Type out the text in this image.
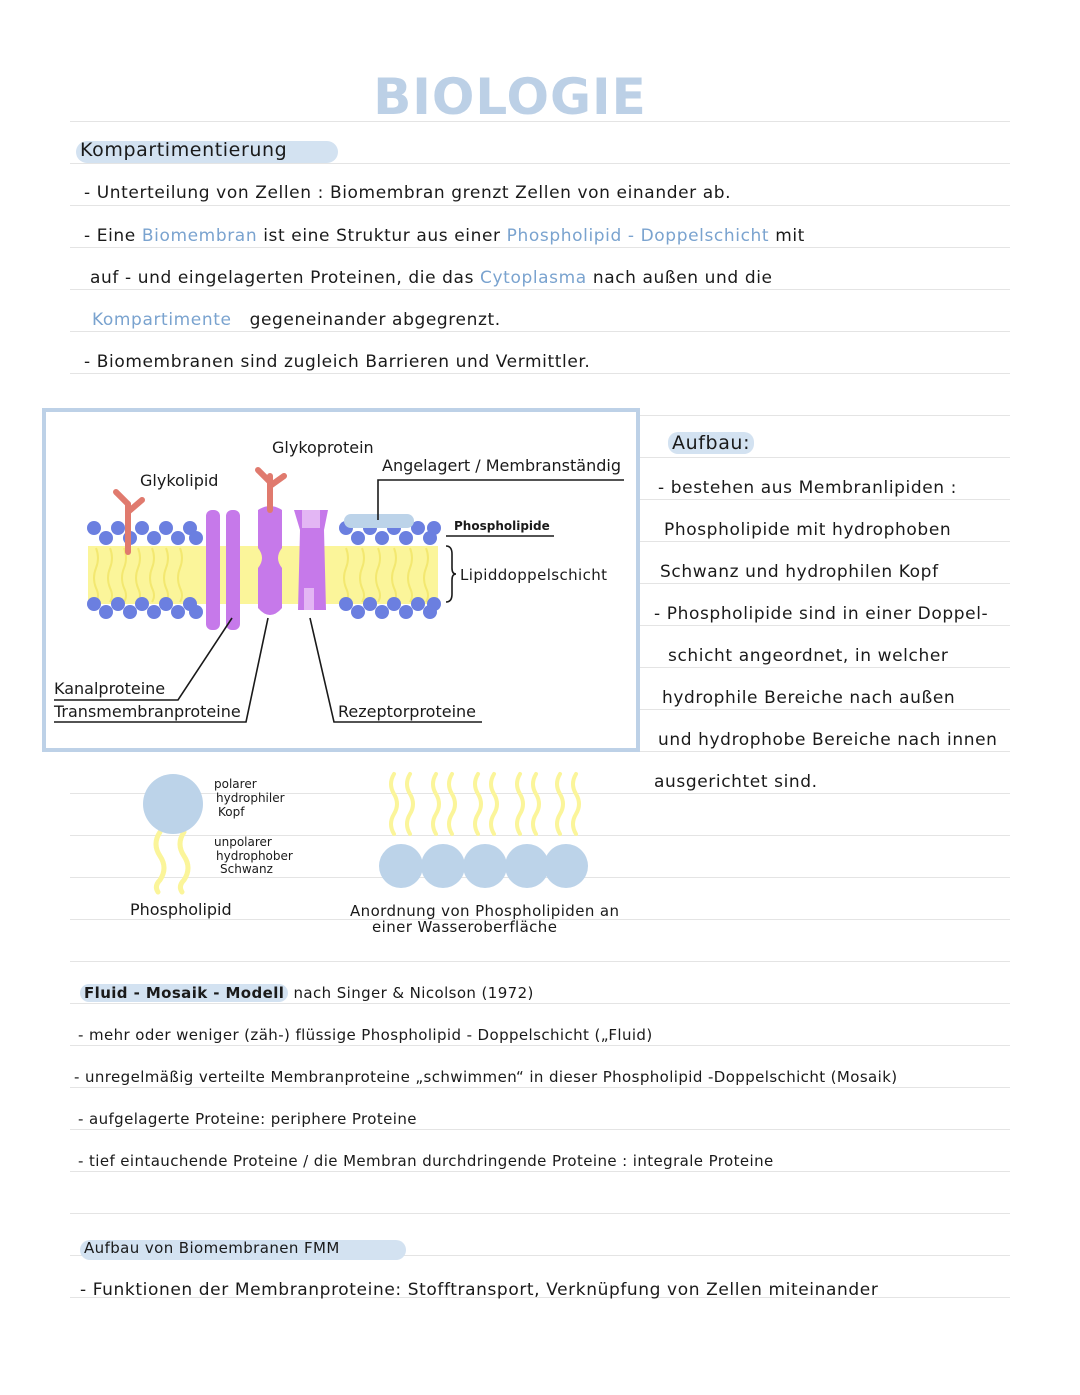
BIOLOGIE
Kompartimentierung
- Unterteilung von Zellen : Biomembran grenzt Zellen von einander ab.
- Eine Biomembran ist eine Struktur aus einer Phospholipid - Doppelschicht mit
auf - und eingelagerten Proteinen, die das Cytoplasma nach außen und die
Kompartimente gegeneinander abgegrenzt.
- Biomembranen sind zugleich Barrieren und Vermittler.
Glykoprotein
Glykolipid
Angelagert / Membranständig
Phospholipide
Lipiddoppelschicht
Kanalproteine
Transmembranproteine	Rezeptorproteine
Aufbau:
- bestehen aus Membranlipiden :
Phospholipide mit hydrophoben
Schwanz und hydrophilen Kopf
- Phospholipide sind in einer Doppel-
schicht angeordnet, in welcher
hydrophile Bereiche nach außen
und hydrophobe Bereiche nach innen
ausgerichtet sind.
polarer
hydrophiler
Kopf
unpolarer
hydrophober
Schwanz
Phospholipid	Anordnung von Phospholipiden an
einer Wasseroberfläche
Fluid - Mosaik - Modell nach Singer & Nicolson (1972)
- mehr oder weniger (zäh-) flüssige Phospholipid - Doppelschicht („Fluid)
- unregelmäßig verteilte Membranproteine „schwimmen“ in dieser Phospholipid -Doppelschicht (Mosaik)
- aufgelagerte Proteine: periphere Proteine
- tief eintauchende Proteine / die Membran durchdringende Proteine : integrale Proteine
Aufbau von Biomembranen FMM
- Funktionen der Membranproteine: Stofftransport, Verknüpfung von Zellen miteinander
